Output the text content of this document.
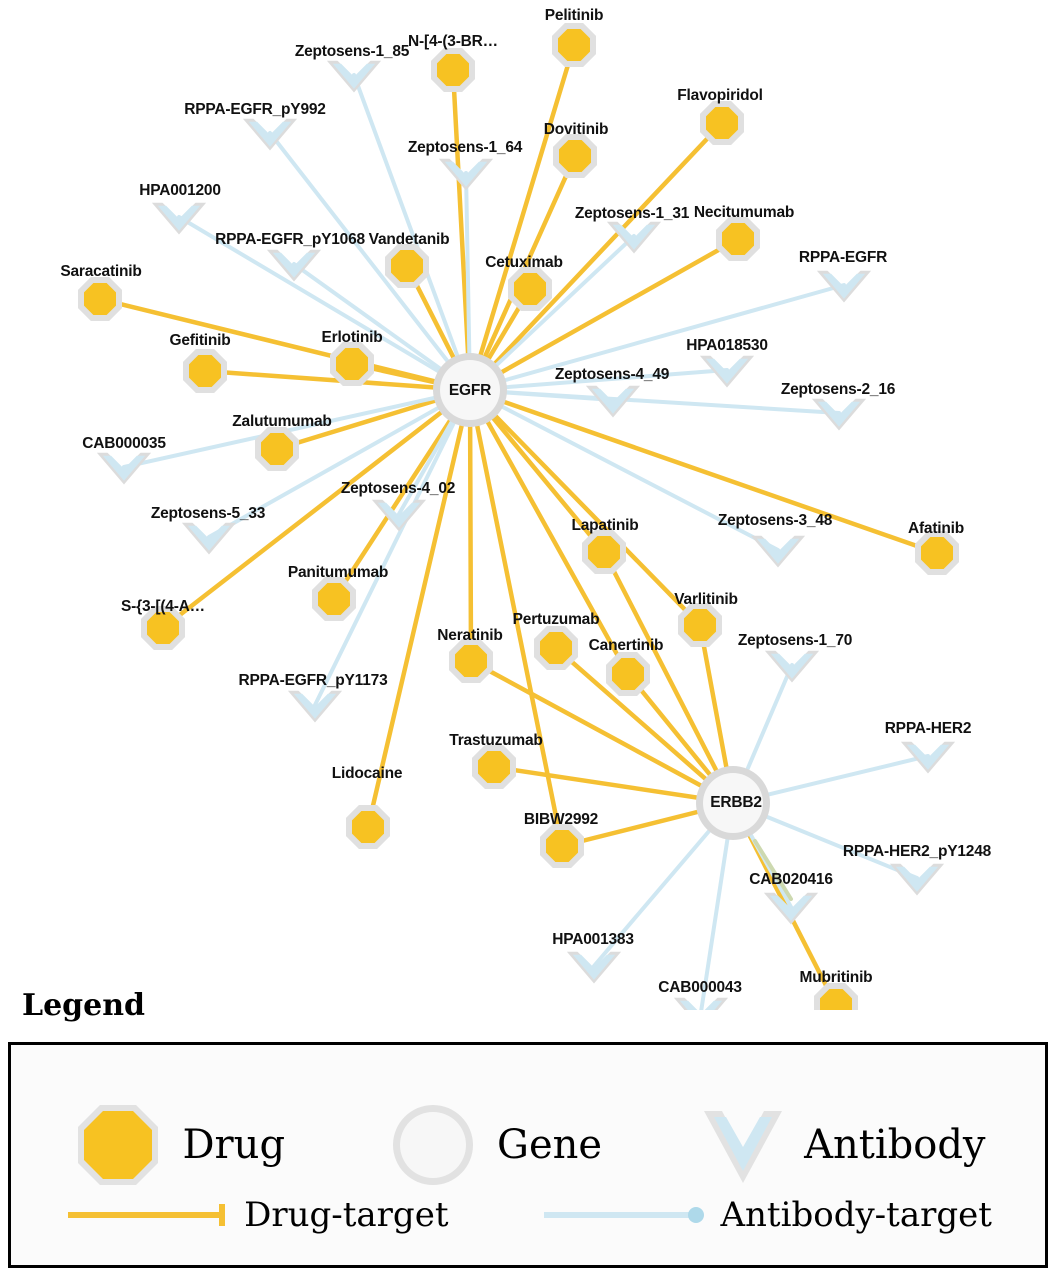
Pelitinib
N-[4-(3-BR…
Flavopiridol
Dovitinib
Necitumumab
Vandetanib
Cetuximab
Saracatinib
Erlotinib
Gefitinib
Zalutumumab
Afatinib
Lapatinib
Panitumumab
S-{3-[(4-A…	Varlitinib
Pertuzumab
Neratinib
Canertinib
Trastuzumab
Lidocaine
BIBW2992
Mubritinib
Zeptosens-1_85
RPPA-EGFR_pY992
Zeptosens-1_64
HPA001200
Zeptosens-1_31
RPPA-EGFR_pY1068
RPPA-EGFR
HPA018530
Zeptosens-4_49
Zeptosens-2_16
CAB000035
Zeptosens-4_02
Zeptosens-5_33	Zeptosens-3_48
Zeptosens-1_70
RPPA-EGFR_pY1173
RPPA-HER2
RPPA-HER2_pY1248
CAB020416
HPA001383
CAB000043
EGFR
ERBB2
Legend
Drug	Gene	Antibody
Drug-target	Antibody-target
